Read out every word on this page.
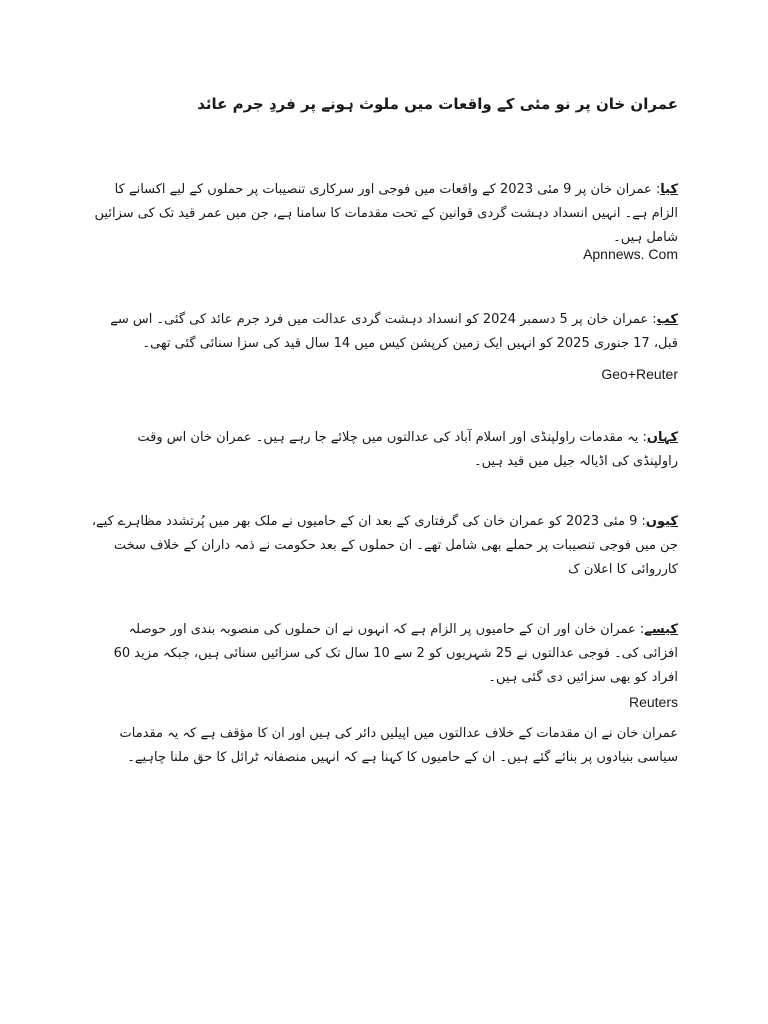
عمران خان پر نو مئی کے واقعات میں ملوث ہونے پر فردِ جرم عائد

کیا: عمران خان پر 9 مئی 2023 کے واقعات میں فوجی اور سرکاری تنصیبات پر حملوں کے لیے اکسانے کا الزام ہے۔ انہیں انسداد دہشت گردی قوانین کے تحت مقدمات کا سامنا ہے، جن میں عمر قید تک کی سزائیں شامل ہیں۔

Apnnews. Com

کب: عمران خان پر 5 دسمبر 2024 کو انسداد دہشت گردی عدالت میں فرد جرم عائد کی گئی۔ اس سے قبل، 17 جنوری 2025 کو انہیں ایک زمین کرپشن کیس میں 14 سال قید کی سزا سنائی گئی تھی۔

Geo+Reuter

کہاں: یہ مقدمات راولپنڈی اور اسلام آباد کی عدالتوں میں چلائے جا رہے ہیں۔ عمران خان اس وقت راولپنڈی کی اڈیالہ جیل میں قید ہیں۔

کیوں: 9 مئی 2023 کو عمران خان کی گرفتاری کے بعد ان کے حامیوں نے ملک بھر میں پُرتشدد مظاہرے کیے، جن میں فوجی تنصیبات پر حملے بھی شامل تھے۔ ان حملوں کے بعد حکومت نے ذمہ داران کے خلاف سخت کارروائی کا اعلان ک

کیسے: عمران خان اور ان کے حامیوں پر الزام ہے کہ انہوں نے ان حملوں کی منصوبہ بندی اور حوصلہ افزائی کی۔ فوجی عدالتوں نے 25 شہریوں کو 2 سے 10 سال تک کی سزائیں سنائی ہیں، جبکہ مزید 60 افراد کو بھی سزائیں دی گئی ہیں۔

Reuters

عمران خان نے ان مقدمات کے خلاف عدالتوں میں اپیلیں دائر کی ہیں اور ان کا مؤقف ہے کہ یہ مقدمات سیاسی بنیادوں پر بنائے گئے ہیں۔ ان کے حامیوں کا کہنا ہے کہ انہیں منصفانہ ٹرائل کا حق ملنا چاہیے۔
